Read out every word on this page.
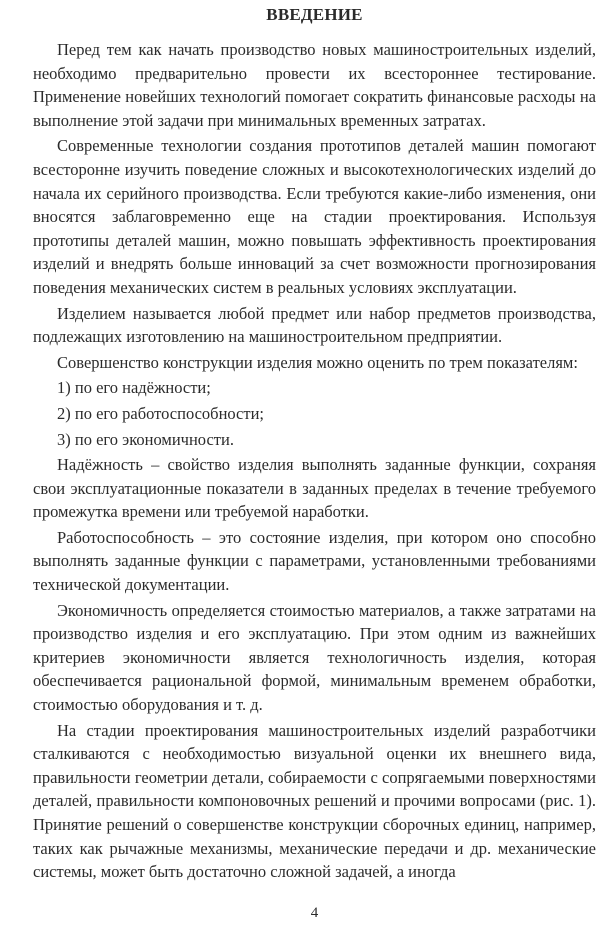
ВВЕДЕНИЕ

Перед тем как начать производство новых машиностроительных изделий, необходимо предварительно провести их всестороннее тестирование. Применение новейших технологий помогает сократить финансовые расходы на выполнение этой задачи при минимальных временных затратах.

Современные технологии создания прототипов деталей машин помогают всесторонне изучить поведение сложных и высокотехнологических изделий до начала их серийного производства. Если требуются какие-либо изменения, они вносятся заблаговременно еще на стадии проектирования. Используя прототипы деталей машин, можно повышать эффективность проектирования изделий и внедрять больше инноваций за счет возможности прогнозирования поведения механических систем в реальных условиях эксплуатации.

Изделием называется любой предмет или набор предметов производства, подлежащих изготовлению на машиностроительном предприятии.

Совершенство конструкции изделия можно оценить по трем показателям:

1) по его надёжности;

2) по его работоспособности;

3) по его экономичности.

Надёжность – свойство изделия выполнять заданные функции, сохраняя свои эксплуатационные показатели в заданных пределах в течение требуемого промежутка времени или требуемой наработки.

Работоспособность – это состояние изделия, при котором оно способно выполнять заданные функции с параметрами, установленными требованиями технической документации.

Экономичность определяется стоимостью материалов, а также затратами на производство изделия и его эксплуатацию. При этом одним из важнейших критериев экономичности является технологичность изделия, которая обеспечивается рациональной формой, минимальным временем обработки, стоимостью оборудования и т. д.

На стадии проектирования машиностроительных изделий разработчики сталкиваются с необходимостью визуальной оценки их внешнего вида, правильности геометрии детали, собираемости с сопрягаемыми поверхностями деталей, правильности компоновочных решений и прочими вопросами (рис. 1). Принятие решений о совершенстве конструкции сборочных единиц, например, таких как рычажные механизмы, механические передачи и др. механические системы, может быть достаточно сложной задачей, а иногда

4
